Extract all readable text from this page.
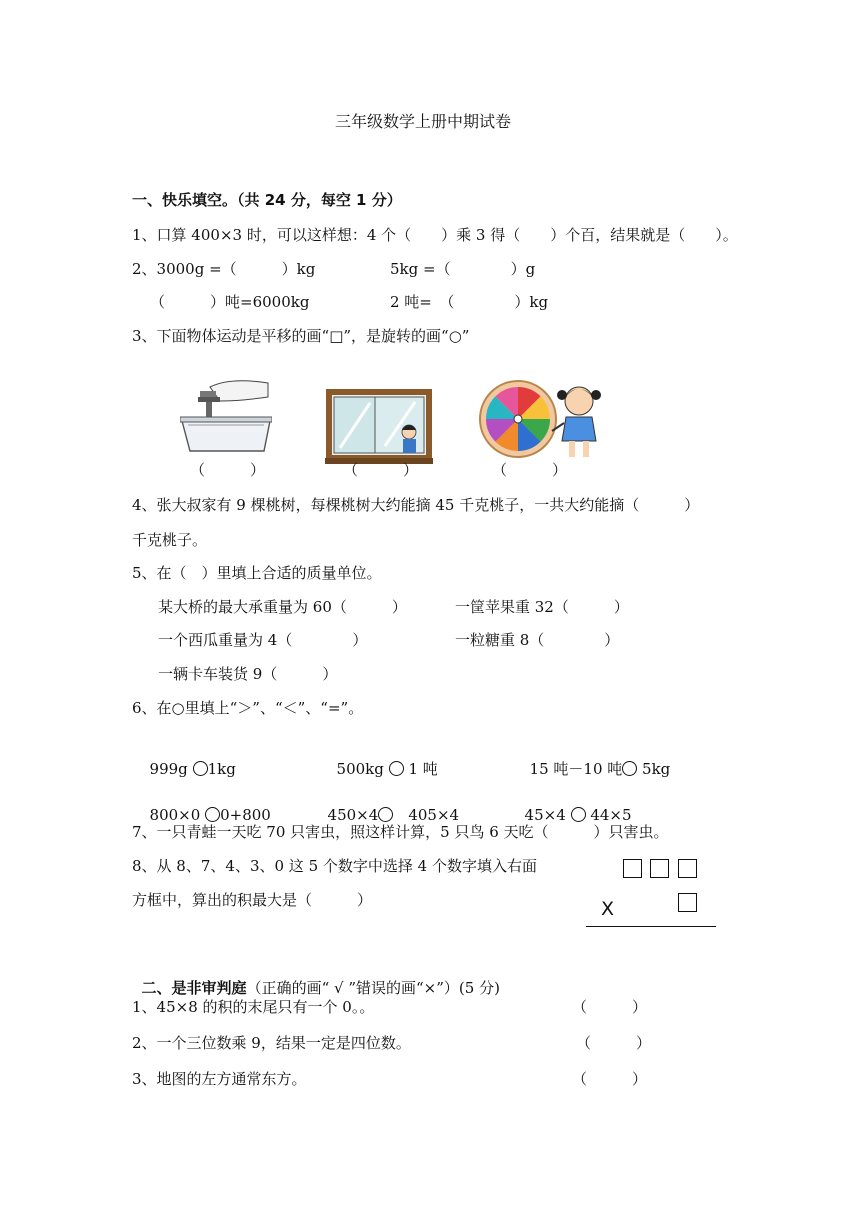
三年级数学上册中期试卷
一、快乐填空。（共 24 分，每空 1 分）
1、口算 400×3 时，可以这样想：4 个（　　）乘 3 得（　　）个百，结果就是（　　）。
2、3000g =（　　　）kg	5kg =（　　　　）g
（　　　）吨=6000kg	2 吨=　（　　　　）kg
3、下面物体运动是平移的画“□”，是旋转的画“○”
（　　　）	（　　　）	（　　　）
4、张大叔家有 9 棵桃树，每棵桃树大约能摘 45 千克桃子，一共大约能摘（　　　）
千克桃子。
5、在（　）里填上合适的质量单位。
某大桥的最大承重量为 60（　　　）	一筐苹果重 32（　　　）
一个西瓜重量为 4（　　　　）	一粒糖重 8（　　　　）
一辆卡车装货 9（　　　）
6、在○里填上“＞”、“＜”、“=”。

999g 1kg	500kg 1 吨	15 吨－10 吨 5kg

800×0 0+800	450×4　 405×4	45×4 44×5

7、一只青蛙一天吃 70 只害虫，照这样计算，5 只鸟 6 天吃（　　　）只害虫。
8、从 8、7、4、3、0 这 5 个数字中选择 4 个数字填入右面
方框中，算出的积最大是（　　　）	X

二、是非审判庭（正确的画“ √ ”错误的画“×”）(5 分)

1、45×8 的积的末尾只有一个 0。。	（　　　）
2、一个三位数乘 9，结果一定是四位数。	（　　　）
3、地图的左方通常东方。	（　　　）
